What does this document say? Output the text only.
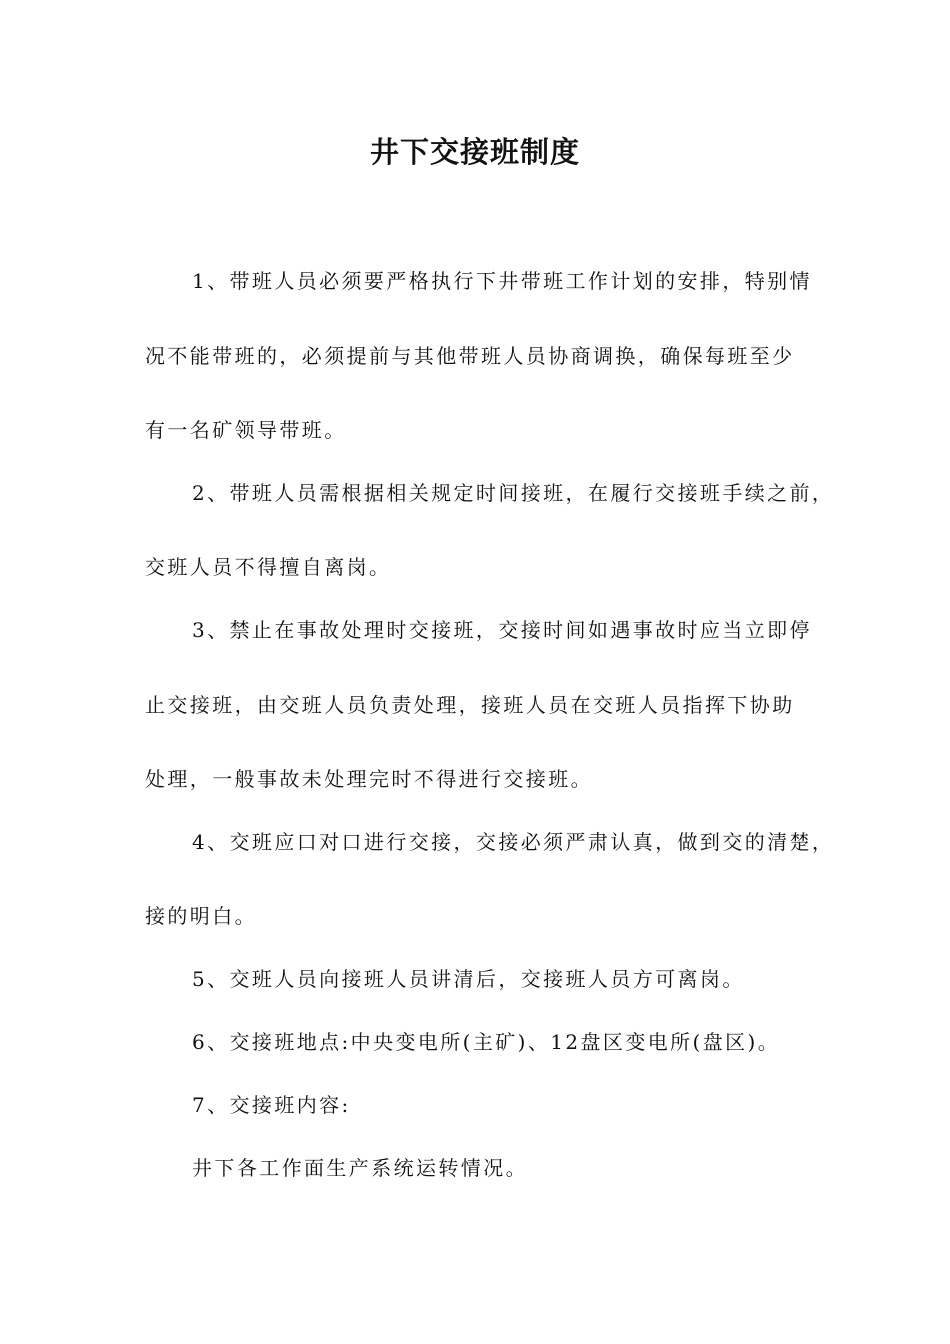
井下交接班制度
1、带班人员必须要严格执行下井带班工作计划的安排，特别情
况不能带班的，必须提前与其他带班人员协商调换，确保每班至少
有一名矿领导带班。
2、带班人员需根据相关规定时间接班，在履行交接班手续之前，
交班人员不得擅自离岗。
3、禁止在事故处理时交接班，交接时间如遇事故时应当立即停
止交接班，由交班人员负责处理，接班人员在交班人员指挥下协助
处理，一般事故未处理完时不得进行交接班。
4、交班应口对口进行交接，交接必须严肃认真，做到交的清楚，
接的明白。
5、交班人员向接班人员讲清后，交接班人员方可离岗。
6、交接班地点:中央变电所(主矿)、12盘区变电所(盘区)。
7、交接班内容:
井下各工作面生产系统运转情况。
